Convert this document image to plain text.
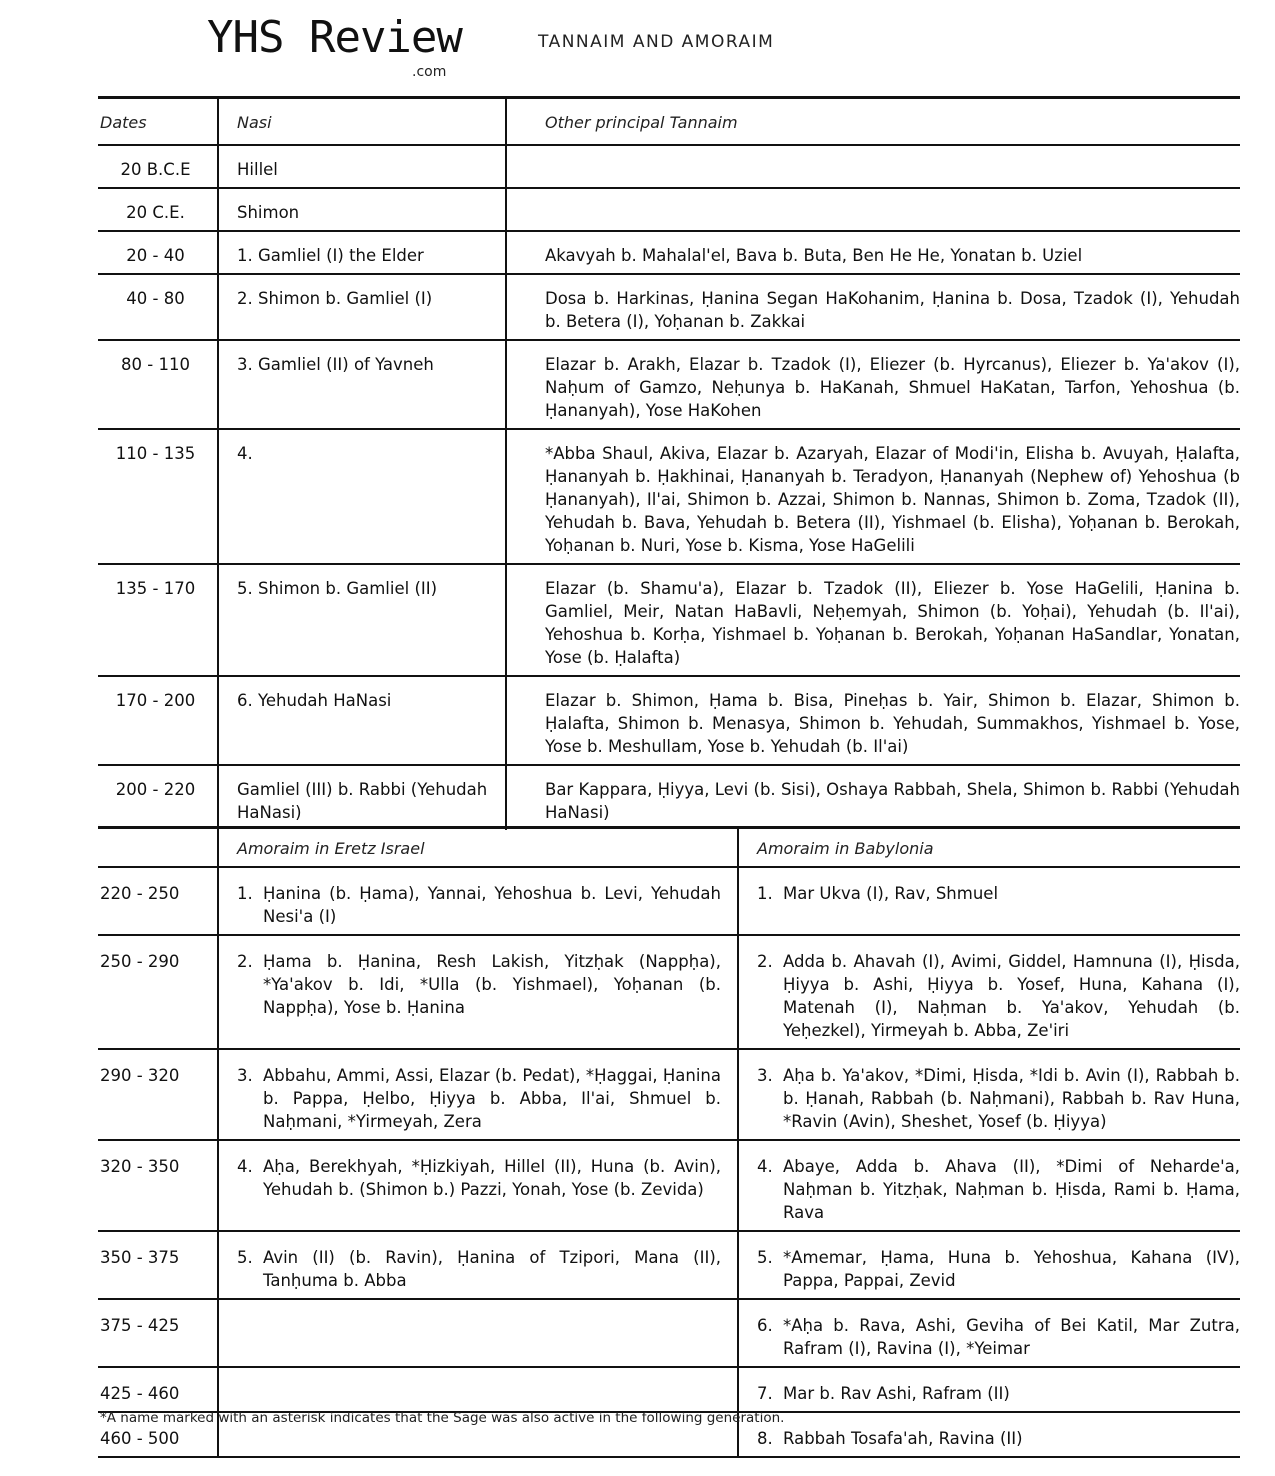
YHS Review
.com
TANNAIM AND AMORAIM
Dates	Nasi	Other principal Tannaim
20 B.C.E	Hillel	
20 C.E.	Shimon	
20 - 40	1. Gamliel (I) the Elder	Akavyah b. Mahalal'el, Bava b. Buta, Ben He He, Yonatan b. Uziel
40 - 80	2. Shimon b. Gamliel (I)	Dosa b. Harkinas, Ḥanina Segan HaKohanim, Ḥanina b. Dosa, Tzadok (I), Yehudah b. Betera (I), Yoḥanan b. Zakkai
80 - 110	3. Gamliel (II) of Yavneh	Elazar b. Arakh, Elazar b. Tzadok (I), Eliezer (b. Hyrcanus), Eliezer b. Ya'akov (I), Naḥum of Gamzo, Neḥunya b. HaKanah, Shmuel HaKatan, Tarfon, Yehoshua (b. Ḥananyah), Yose HaKohen
110 - 135	4.	*Abba Shaul, Akiva, Elazar b. Azaryah, Elazar of Modi'in, Elisha b. Avuyah, Ḥalafta, Ḥananyah b. Ḥakhinai, Ḥananyah b. Teradyon, Ḥananyah (Nephew of) Yehoshua (b Ḥananyah), Il'ai, Shimon b. Azzai, Shimon b. Nannas, Shimon b. Zoma, Tzadok (II), Yehudah b. Bava, Yehudah b. Betera (II), Yishmael (b. Elisha), Yoḥanan b. Berokah, Yoḥanan b. Nuri, Yose b. Kisma, Yose HaGelili
135 - 170	5. Shimon b. Gamliel (II)	Elazar (b. Shamu'a), Elazar b. Tzadok (II), Eliezer b. Yose HaGelili, Ḥanina b. Gamliel, Meir, Natan HaBavli, Neḥemyah, Shimon (b. Yoḥai), Yehudah (b. Il'ai), Yehoshua b. Korḥa, Yishmael b. Yoḥanan b. Berokah, Yoḥanan HaSandlar, Yonatan, Yose (b. Ḥalafta)
170 - 200	6. Yehudah HaNasi	Elazar b. Shimon, Ḥama b. Bisa, Pineḥas b. Yair, Shimon b. Elazar, Shimon b. Ḥalafta, Shimon b. Menasya, Shimon b. Yehudah, Summakhos, Yishmael b. Yose, Yose b. Meshullam, Yose b. Yehudah (b. Il'ai)
200 - 220	Gamliel (III) b. Rabbi (Yehudah HaNasi)	Bar Kappara, Ḥiyya, Levi (b. Sisi), Oshaya Rabbah, Shela, Shimon b. Rabbi (Yehudah HaNasi)
	Amoraim in Eretz Israel	Amoraim in Babylonia
220 - 250	1. Ḥanina (b. Ḥama), Yannai, Yehoshua b. Levi, Yehudah Nesi'a (I)	1. Mar Ukva (I), Rav, Shmuel

250 - 290	2. Ḥama b. Ḥanina, Resh Lakish, Yitzḥak (Nappḥa), *Ya'akov b. Idi, *Ulla (b. Yishmael), Yoḥanan (b. Nappḥa), Yose b. Ḥanina	2. Adda b. Ahavah (I), Avimi, Giddel, Hamnuna (I), Ḥisda, Ḥiyya b. Ashi, Ḥiyya b. Yosef, Huna, Kahana (I), Matenah (I), Naḥman b. Ya'akov, Yehudah (b. Yeḥezkel), Yirmeyah b. Abba, Ze'iri

290 - 320	3. Abbahu, Ammi, Assi, Elazar (b. Pedat), *Ḥaggai, Ḥanina b. Pappa, Ḥelbo, Ḥiyya b. Abba, Il'ai, Shmuel b. Naḥmani, *Yirmeyah, Zera	3. Aḥa b. Ya'akov, *Dimi, Ḥisda, *Idi b. Avin (I), Rabbah b. b. Ḥanah, Rabbah (b. Naḥmani), Rabbah b. Rav Huna, *Ravin (Avin), Sheshet, Yosef (b. Ḥiyya)

320 - 350	4. Aḥa, Berekhyah, *Ḥizkiyah, Hillel (II), Huna (b. Avin), Yehudah b. (Shimon b.) Pazzi, Yonah, Yose (b. Zevida)	4. Abaye, Adda b. Ahava (II), *Dimi of Neharde'a, Naḥman b. Yitzḥak, Naḥman b. Ḥisda, Rami b. Ḥama, Rava

350 - 375	5. Avin (II) (b. Ravin), Ḥanina of Tzipori, Mana (II), Tanḥuma b. Abba	5. *Amemar, Ḥama, Huna b. Yehoshua, Kahana (IV), Pappa, Pappai, Zevid

375 - 425		6. *Aḥa b. Rava, Ashi, Geviha of Bei Katil, Mar Zutra, Rafram (I), Ravina (I), *Yeimar

425 - 460		7. Mar b. Rav Ashi, Rafram (II)

460 - 500		8. Rabbah Tosafa'ah, Ravina (II)
*A name marked with an asterisk indicates that the Sage was also active in the following generation.
